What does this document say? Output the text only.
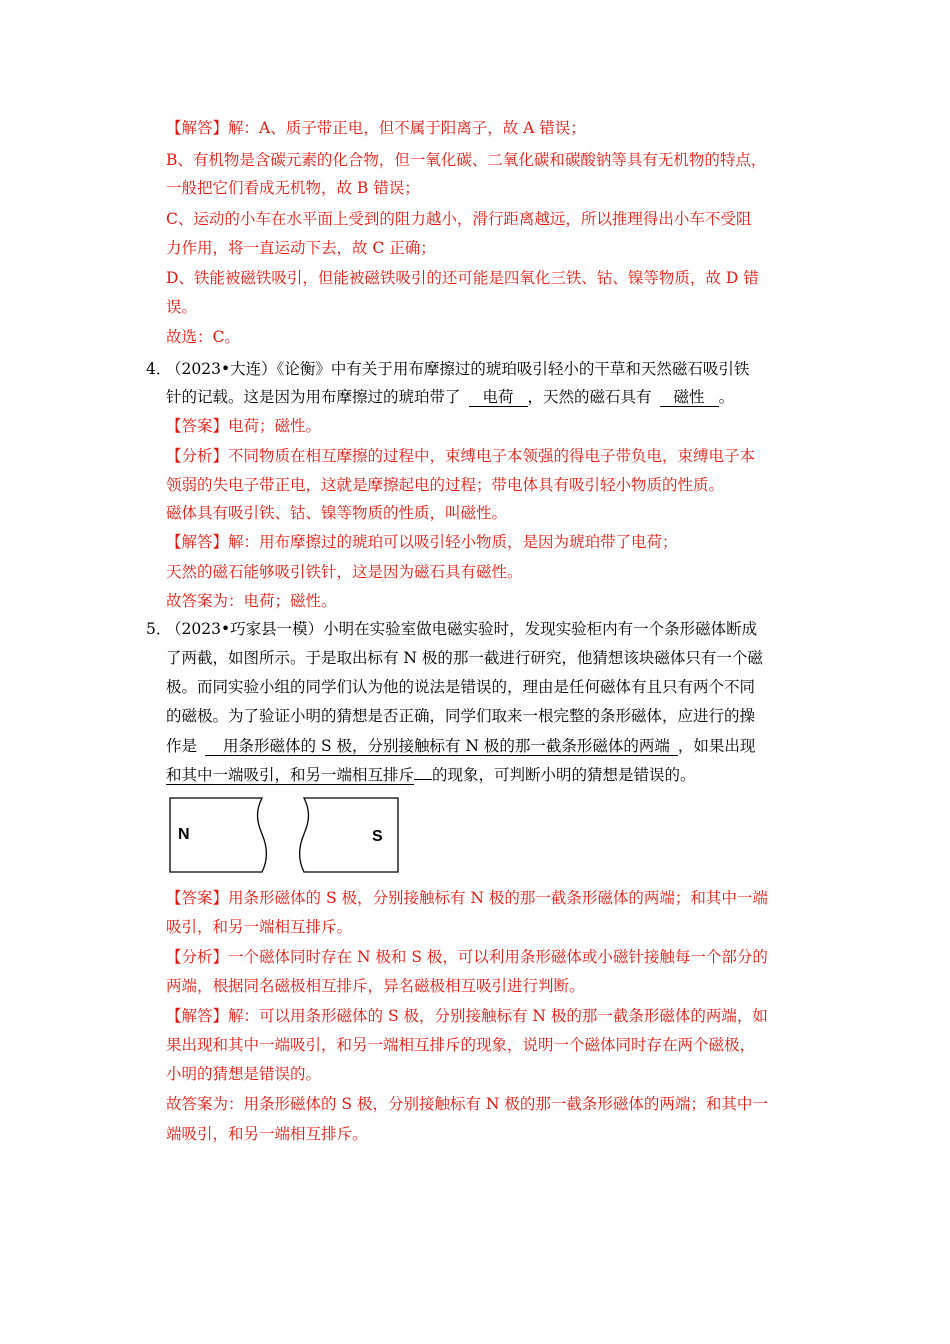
【解答】解：A、质子带正电，但不属于阳离子，故 A 错误；
B、有机物是含碳元素的化合物，但一氧化碳、二氧化碳和碳酸钠等具有无机物的特点，
一般把它们看成无机物，故 B 错误；
C、运动的小车在水平面上受到的阻力越小，滑行距离越远，所以推理得出小车不受阻
力作用，将一直运动下去，故 C 正确；
D、铁能被磁铁吸引，但能被磁铁吸引的还可能是四氧化三铁、钴、镍等物质，故 D 错
误。
故选：C。
4．
（2023•大连）《论衡》中有关于用布摩擦过的琥珀吸引轻小的干草和天然磁石吸引铁
针的记载。这是因为用布摩擦过的琥珀带了 电荷 ，天然的磁石具有 磁性 。
【答案】电荷；磁性。
【分析】不同物质在相互摩擦的过程中，束缚电子本领强的得电子带负电，束缚电子本
领弱的失电子带正电，这就是摩擦起电的过程；带电体具有吸引轻小物质的性质。
磁体具有吸引铁、钴、镍等物质的性质，叫磁性。
【解答】解：用布摩擦过的琥珀可以吸引轻小物质，是因为琥珀带了电荷；
天然的磁石能够吸引铁针，这是因为磁石具有磁性。
故答案为：电荷；磁性。
5．
（2023•巧家县一模）小明在实验室做电磁实验时，发现实验柜内有一个条形磁体断成
了两截，如图所示。于是取出标有 N 极的那一截进行研究，他猜想该块磁体只有一个磁
极。而同实验小组的同学们认为他的说法是错误的，理由是任何磁体有且只有两个不同
的磁极。为了验证小明的猜想是否正确，同学们取来一根完整的条形磁体，应进行的操
作是 用条形磁体的 S 极，分别接触标有 N 极的那一截条形磁体的两端 ，如果出现
和其中一端吸引，和另一端相互排斥 的现象，可判断小明的猜想是错误的。
N	S
【答案】用条形磁体的 S 极，分别接触标有 N 极的那一截条形磁体的两端；和其中一端
吸引，和另一端相互排斥。
【分析】一个磁体同时存在 N 极和 S 极，可以利用条形磁体或小磁针接触每一个部分的
两端，根据同名磁极相互排斥，异名磁极相互吸引进行判断。
【解答】解：可以用条形磁体的 S 极，分别接触标有 N 极的那一截条形磁体的两端，如
果出现和其中一端吸引，和另一端相互排斥的现象，说明一个磁体同时存在两个磁极，
小明的猜想是错误的。
故答案为：用条形磁体的 S 极，分别接触标有 N 极的那一截条形磁体的两端；和其中一
端吸引，和另一端相互排斥。
